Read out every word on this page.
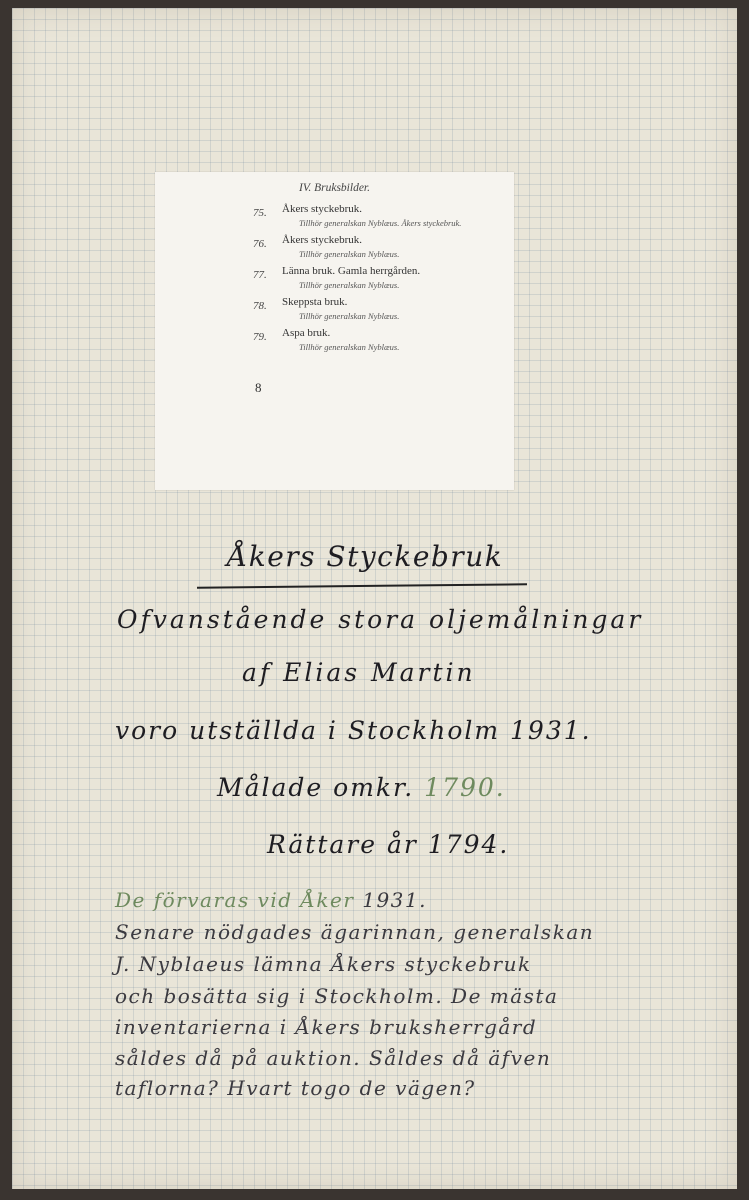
IV. Bruksbilder.
75. Åkers styckebruk.
Tillhör generalskan Nyblæus. Åkers styckebruk.
76. Åkers styckebruk.
Tillhör generalskan Nyblæus.
77. Länna bruk. Gamla herrgården.
Tillhör generalskan Nyblæus.
78. Skeppsta bruk.
Tillhör generalskan Nyblæus.
79. Aspa bruk.
Tillhör generalskan Nyblæus.
8
Åkers Styckebruk
Ofvanstående stora oljemålningar
af Elias Martin
voro utställda i Stockholm 1931.
Målade omkr. 1790.
Rättare år 1794.
De förvaras vid Åker 1931.
Senare nödgades ägarinnan, generalskan
J. Nyblaeus lämna Åkers styckebruk
och bosätta sig i Stockholm. De mästa
inventarierna i Åkers bruksherrgård
såldes då på auktion. Såldes då äfven
taflorna? Hvart togo de vägen?
